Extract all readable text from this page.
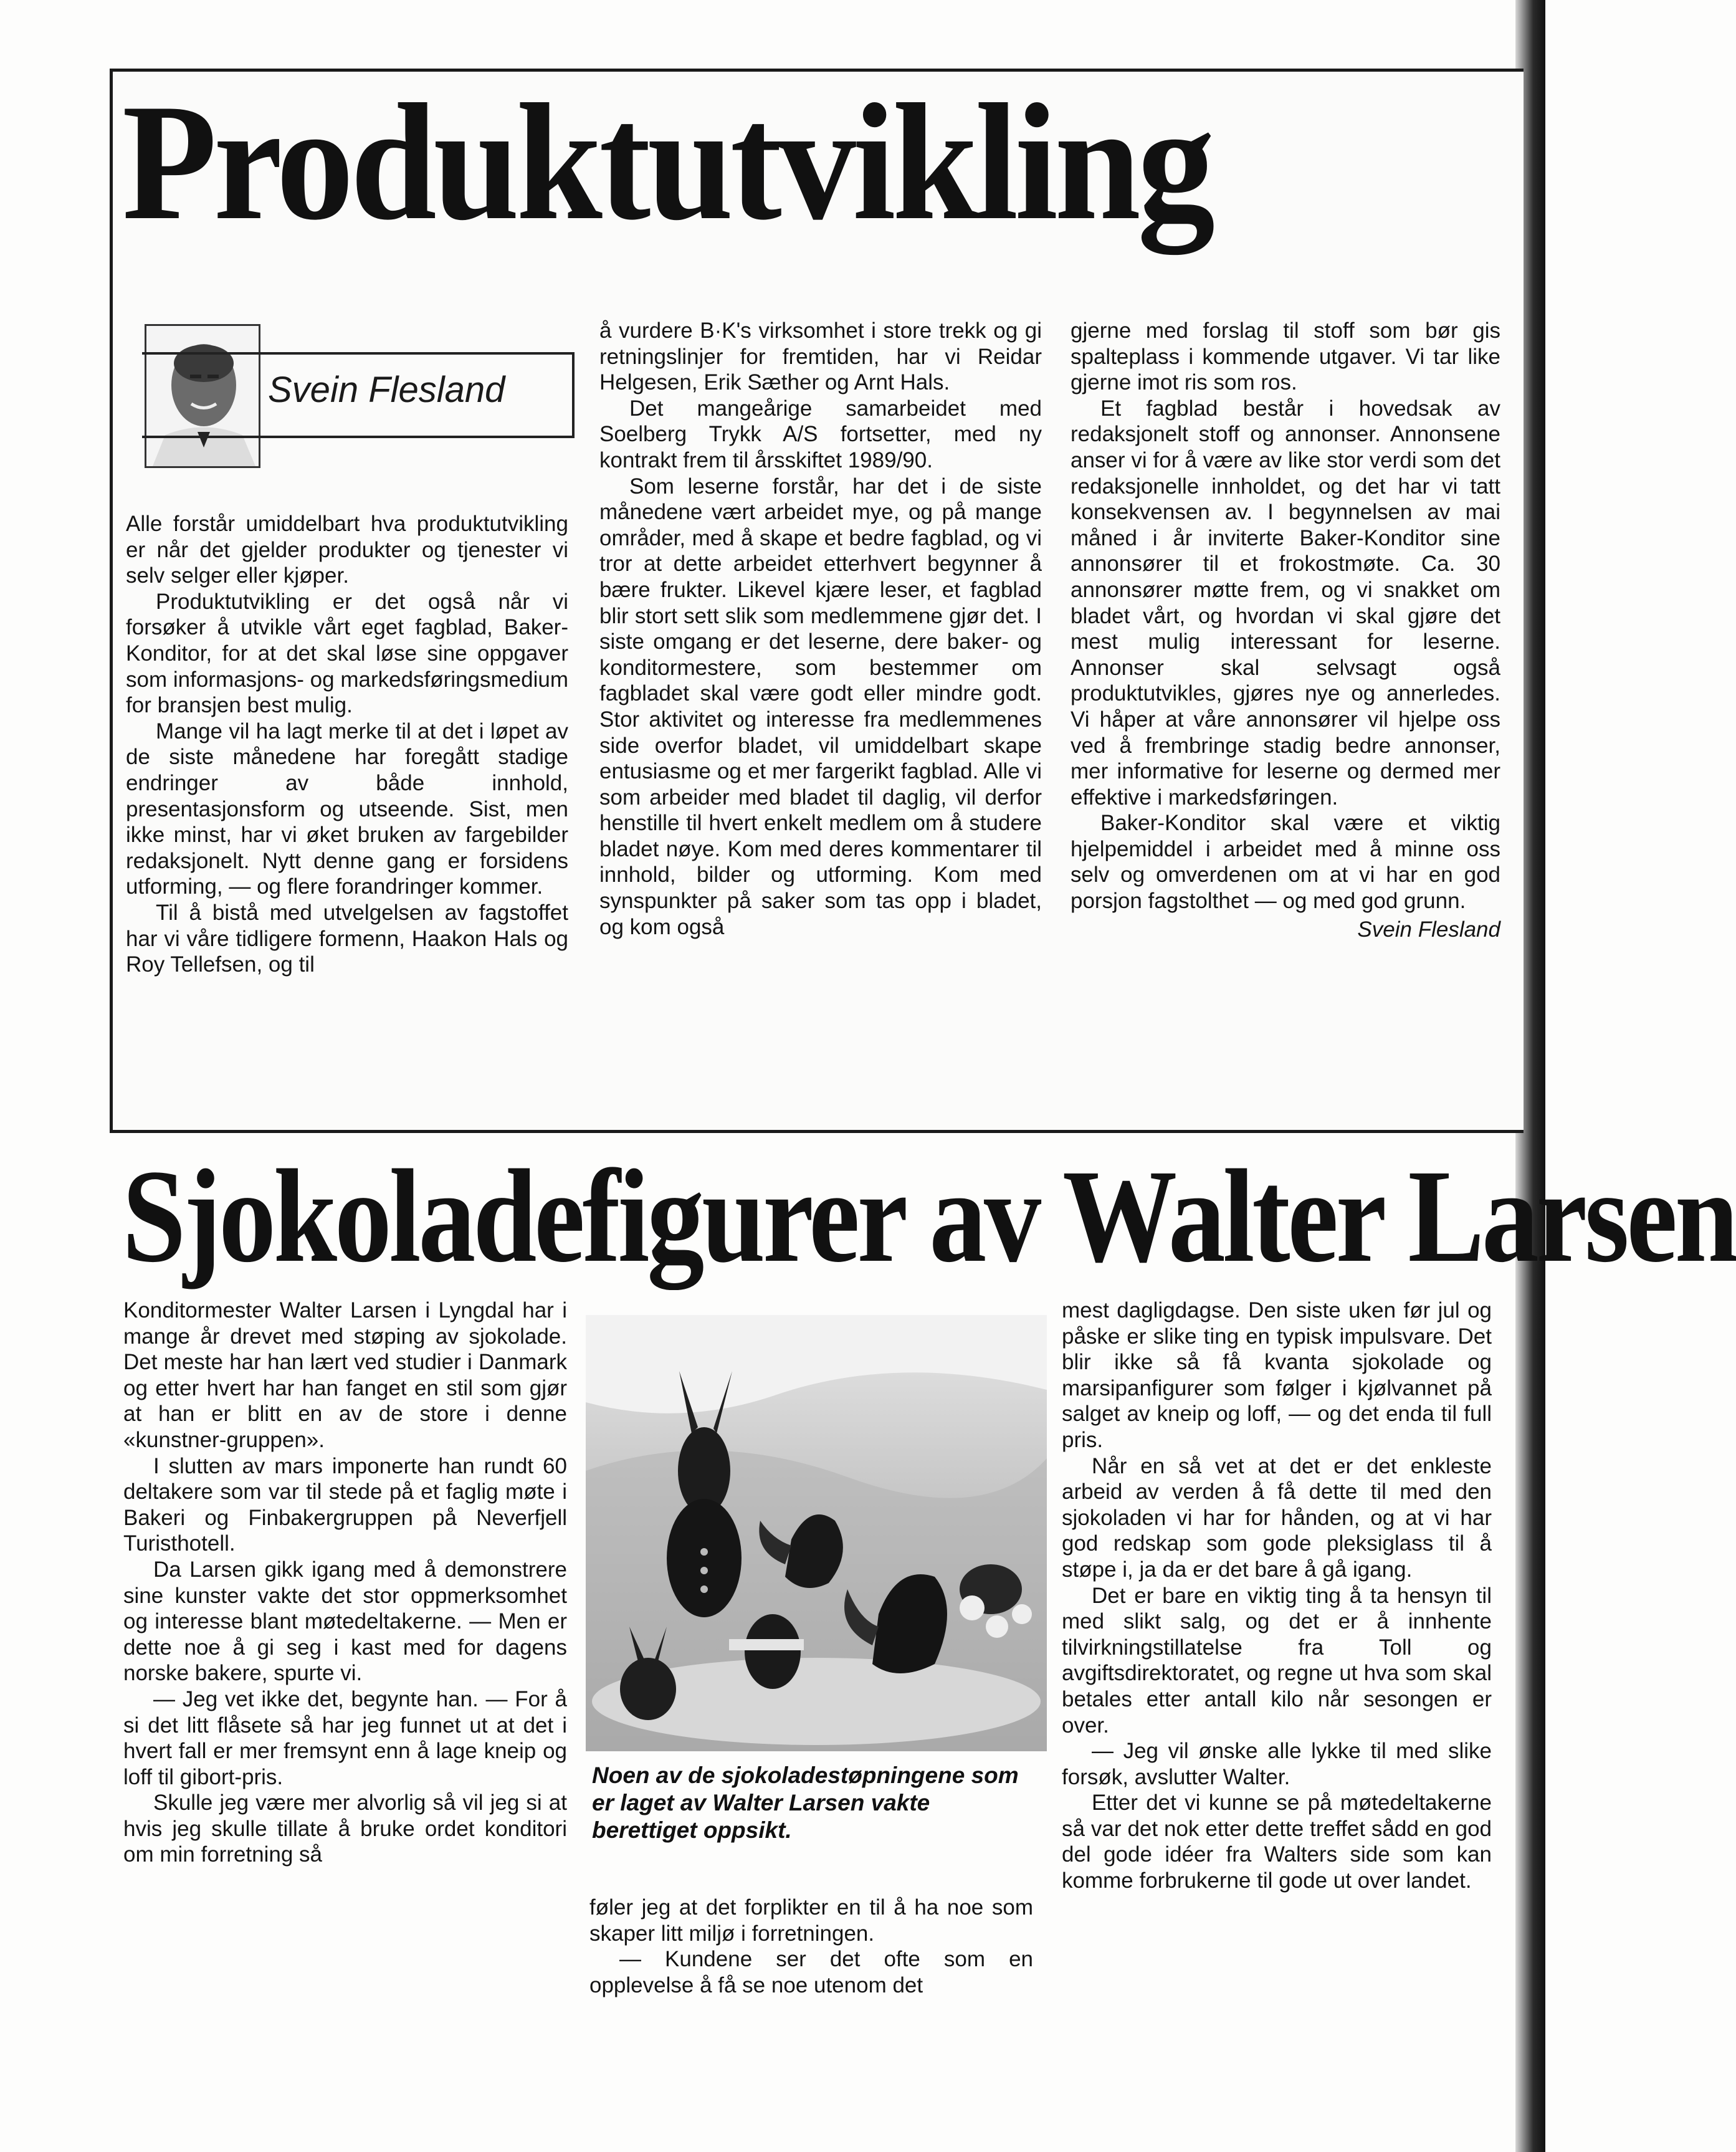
Produktutvikling
Svein Flesland

Alle forstår umiddelbart hva produktutvikling er når det gjelder produkter og tjenester vi selv selger eller kjøper.

Produktutvikling er det også når vi forsøker å utvikle vårt eget fagblad, Baker-Konditor, for at det skal løse sine oppgaver som informasjons- og markedsføringsmedium for bransjen best mulig.

Mange vil ha lagt merke til at det i løpet av de siste månedene har foregått stadige endringer av både innhold, presentasjonsform og utseende. Sist, men ikke minst, har vi øket bruken av fargebilder redaksjonelt. Nytt denne gang er forsidens utforming, — og flere forandringer kommer.

Til å bistå med utvelgelsen av fagstoffet har vi våre tidligere formenn, Haakon Hals og Roy Tellefsen, og til

å vurdere B·K's virksomhet i store trekk og gi retningslinjer for fremtiden, har vi Reidar Helgesen, Erik Sæther og Arnt Hals.

Det mangeårige samarbeidet med Soelberg Trykk A/S fortsetter, med ny kontrakt frem til årsskiftet 1989/90.

Som leserne forstår, har det i de siste månedene vært arbeidet mye, og på mange områder, med å skape et bedre fagblad, og vi tror at dette arbeidet etterhvert begynner å bære frukter. Likevel kjære leser, et fagblad blir stort sett slik som medlemmene gjør det. I siste omgang er det leserne, dere baker- og konditormestere, som bestemmer om fagbladet skal være godt eller mindre godt. Stor aktivitet og interesse fra medlemmenes side overfor bladet, vil umiddelbart skape entusiasme og et mer fargerikt fagblad. Alle vi som arbeider med bladet til daglig, vil derfor henstille til hvert enkelt medlem om å studere bladet nøye. Kom med deres kommentarer til innhold, bilder og utforming. Kom med synspunkter på saker som tas opp i bladet, og kom også

gjerne med forslag til stoff som bør gis spalteplass i kommende utgaver. Vi tar like gjerne imot ris som ros.

Et fagblad består i hovedsak av redaksjonelt stoff og annonser. Annonsene anser vi for å være av like stor verdi som det redaksjonelle innholdet, og det har vi tatt konsekvensen av. I begynnelsen av mai måned i år inviterte Baker-Konditor sine annonsører til et frokostmøte. Ca. 30 annonsører møtte frem, og vi snakket om bladet vårt, og hvordan vi skal gjøre det mest mulig interessant for leserne. Annonser skal selvsagt også produktutvikles, gjøres nye og annerledes. Vi håper at våre annonsører vil hjelpe oss ved å frembringe stadig bedre annonser, mer informative for leserne og dermed mer effektive i markedsføringen.

Baker-Konditor skal være et viktig hjelpemiddel i arbeidet med å minne oss selv og omverdenen om at vi har en god porsjon fagstolthet — og med god grunn.

Svein Flesland

Sjokoladefigurer av Walter Larsen

Konditormester Walter Larsen i Lyngdal har i mange år drevet med støping av sjokolade. Det meste har han lært ved studier i Danmark og etter hvert har han fanget en stil som gjør at han er blitt en av de store i denne «kunstner-gruppen».

I slutten av mars imponerte han rundt 60 deltakere som var til stede på et faglig møte i Bakeri og Finbakergruppen på Neverfjell Turisthotell.

Da Larsen gikk igang med å demonstrere sine kunster vakte det stor oppmerksomhet og interesse blant møtedeltakerne. — Men er dette noe å gi seg i kast med for dagens norske bakere, spurte vi.

— Jeg vet ikke det, begynte han. — For å si det litt flåsete så har jeg funnet ut at det i hvert fall er mer fremsynt enn å lage kneip og loff til gibort-pris.

Skulle jeg være mer alvorlig så vil jeg si at hvis jeg skulle tillate å bruke ordet konditori om min forretning så

Noen av de sjokoladestøpningene som er laget av Walter Larsen vakte berettiget oppsikt.

føler jeg at det forplikter en til å ha noe som skaper litt miljø i forretningen.

— Kundene ser det ofte som en opplevelse å få se noe utenom det

mest dagligdagse. Den siste uken før jul og påske er slike ting en typisk impulsvare. Det blir ikke så få kvanta sjokolade og marsipanfigurer som følger i kjølvannet på salget av kneip og loff, — og det enda til full pris.

Når en så vet at det er det enkleste arbeid av verden å få dette til med den sjokoladen vi har for hånden, og at vi har god redskap som gode pleksiglass til å støpe i, ja da er det bare å gå igang.

Det er bare en viktig ting å ta hensyn til med slikt salg, og det er å innhente tilvirkningstillatelse fra Toll og avgiftsdirektoratet, og regne ut hva som skal betales etter antall kilo når sesongen er over.

— Jeg vil ønske alle lykke til med slike forsøk, avslutter Walter.

Etter det vi kunne se på møtedeltakerne så var det nok etter dette treffet sådd en god del gode idéer fra Walters side som kan komme forbrukerne til gode ut over landet.
